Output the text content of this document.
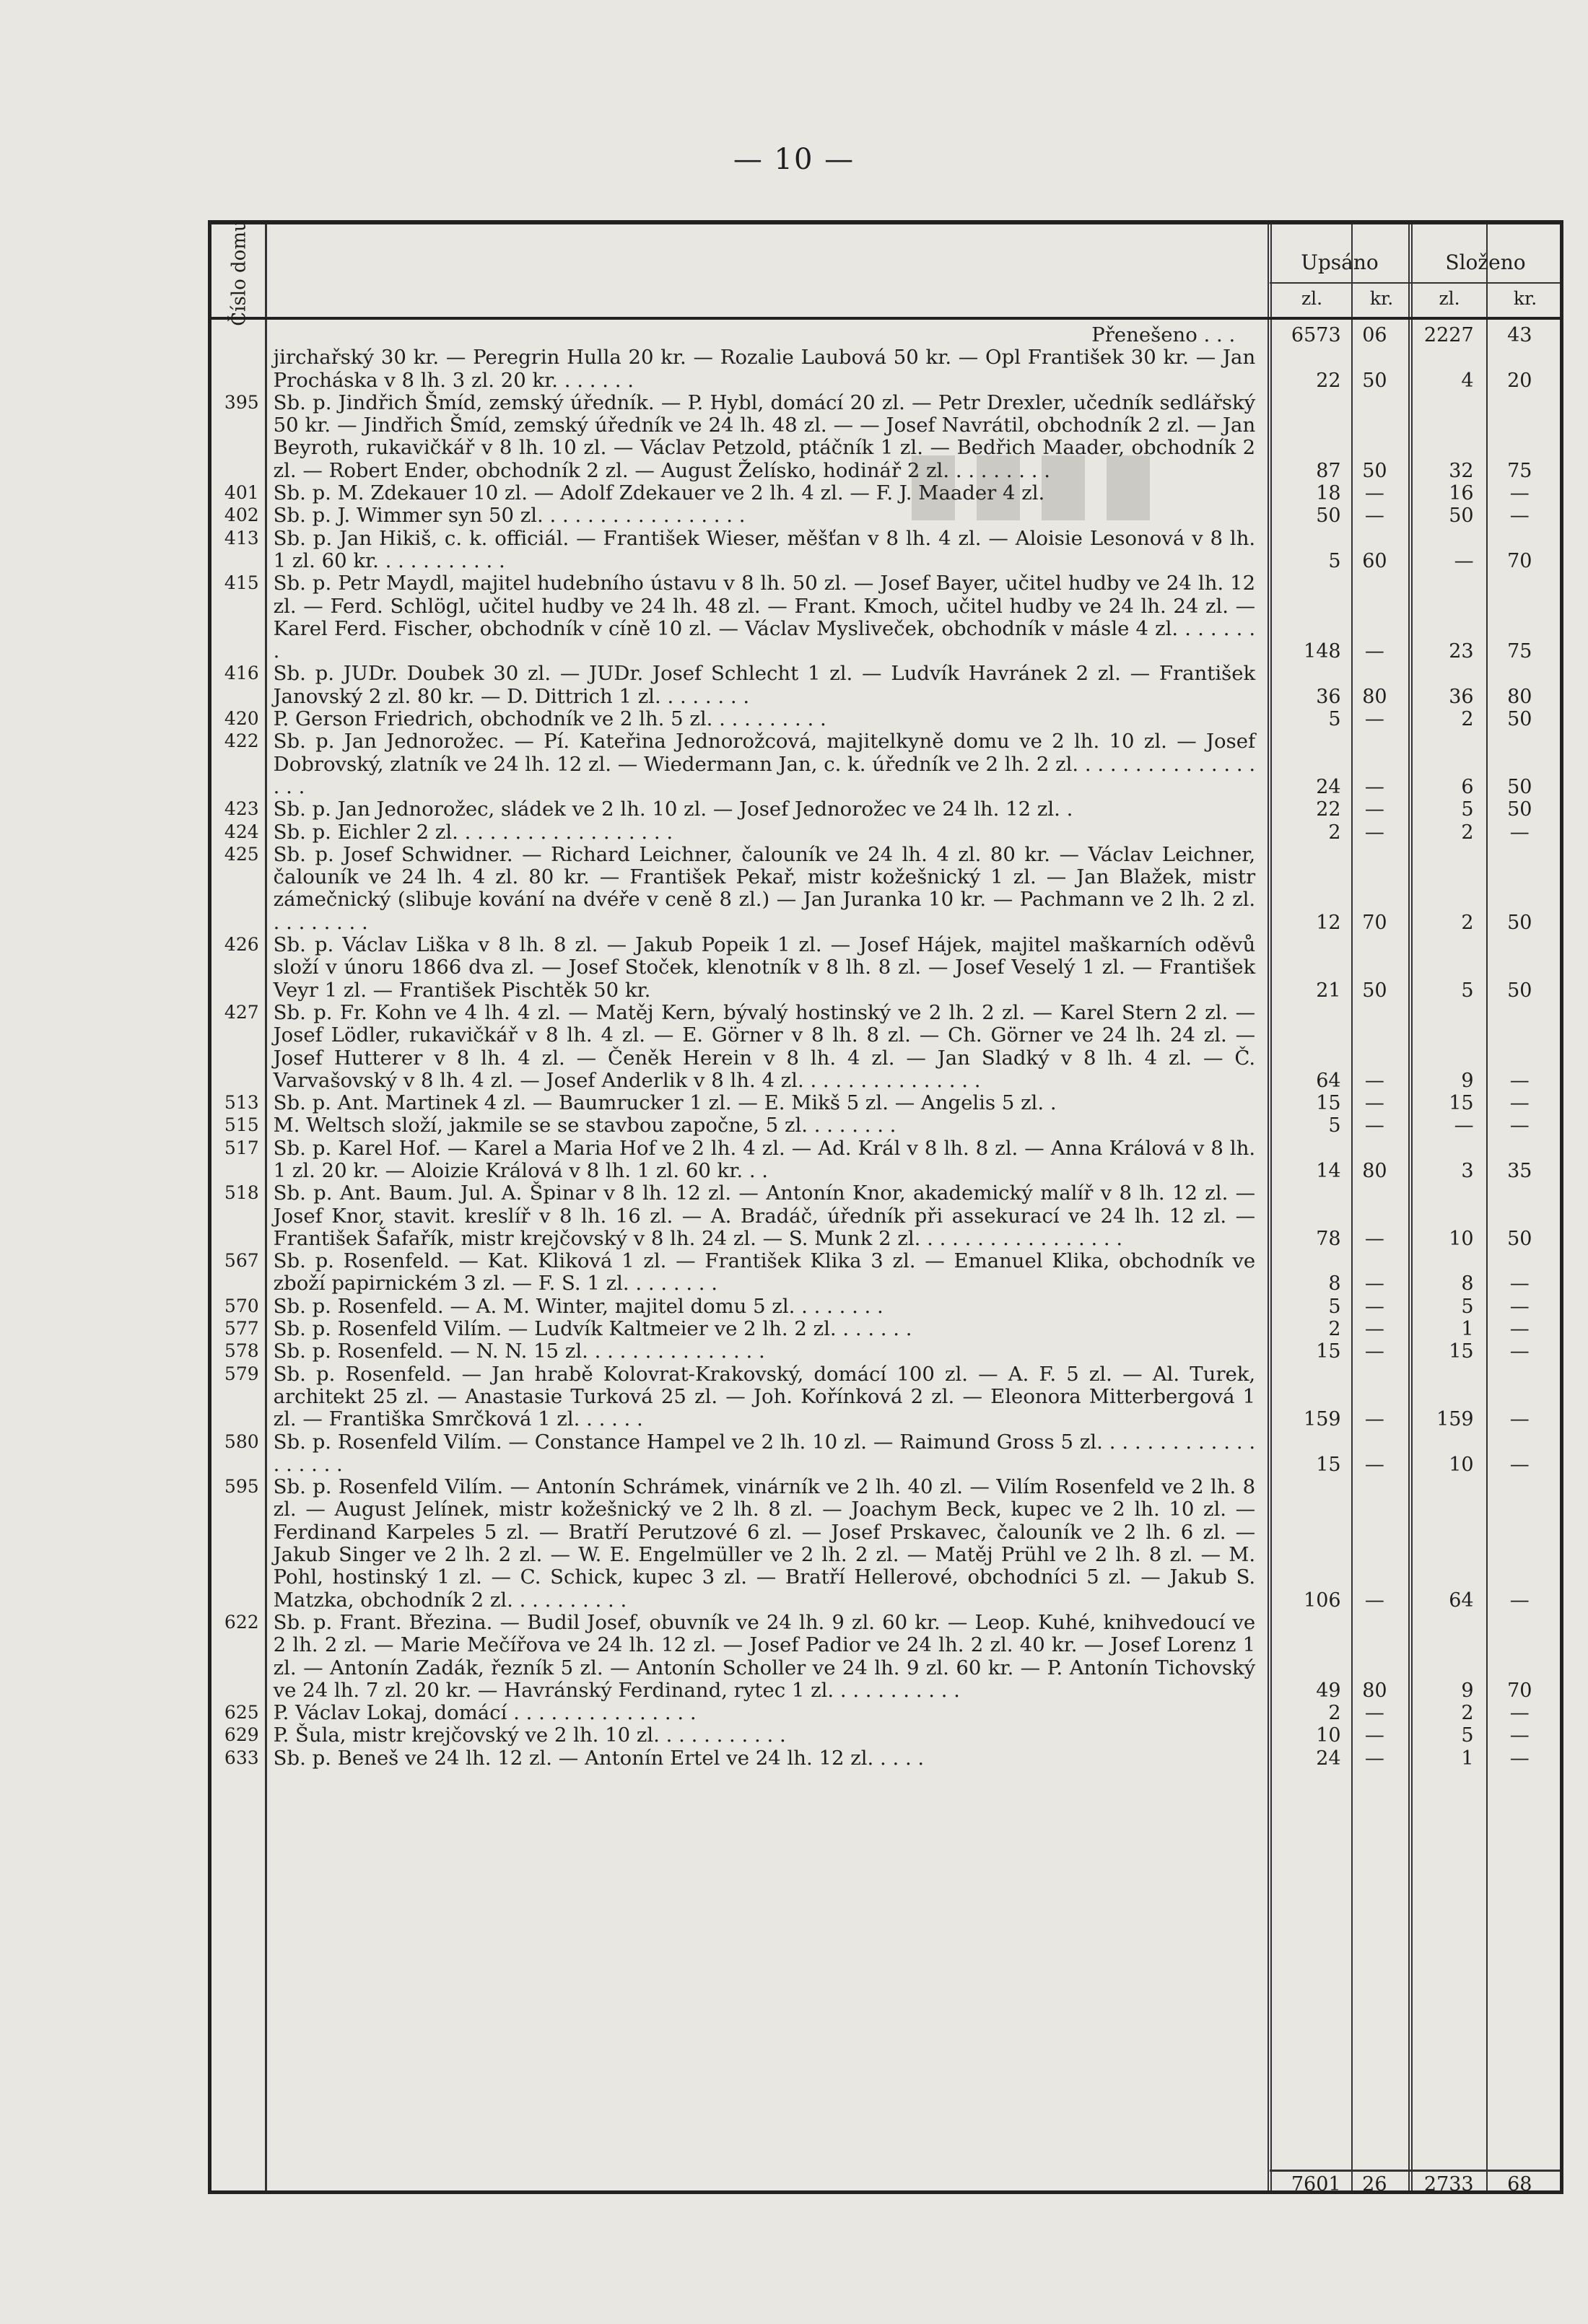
— 10 —
Číslo domu	Upsáno	Složeno
zl.	kr.	zl.	kr.
Přenešeno . . .	6573	06	2227	43
jirchařský 30 kr. — Peregrin Hulla 20 kr. — Rozalie Laubová 50 kr. — Opl František 30 kr. — Jan Procháska v 8 lh. 3 zl. 20 kr. . . . . . .	22	50	4	20
395 Sb. p. Jindřich Šmíd, zemský úředník. — P. Hybl, domácí 20 zl. — Petr Drexler, učedník sedlářský 50 kr. — Jindřich Šmíd, zemský úředník ve 24 lh. 48 zl. — — Josef Navrátil, obchodník 2 zl. — Jan Beyroth, rukavičkář v 8 lh. 10 zl. — Václav Petzold, ptáčník 1 zl. — Bedřich Maader, obchodník 2 zl. — Robert Ender, obchodník 2 zl. — August Želísko, hodinář 2 zl. . . . . . . . .	87	50	32	75
401 Sb. p. M. Zdekauer 10 zl. — Adolf Zdekauer ve 2 lh. 4 zl. — F. J. Maader 4 zl.	18	—	16	—
402 Sb. p. J. Wimmer syn 50 zl. . . . . . . . . . . . . . . . .	50	—	50	—
413 Sb. p. Jan Hikiš, c. k. officiál. — František Wieser, měšťan v 8 lh. 4 zl. — Aloisie Lesonová v 8 lh. 1 zl. 60 kr. . . . . . . . . . .	5	60	—	70
415 Sb. p. Petr Maydl, majitel hudebního ústavu v 8 lh. 50 zl. — Josef Bayer, učitel hudby ve 24 lh. 12 zl. — Ferd. Schlögl, učitel hudby ve 24 lh. 48 zl. — Frant. Kmoch, učitel hudby ve 24 lh. 24 zl. — Karel Ferd. Fischer, obchodník v cíně 10 zl. — Václav Mysliveček, obchodník v másle 4 zl. . . . . . . .	148	—	23	75
416 Sb. p. JUDr. Doubek 30 zl. — JUDr. Josef Schlecht 1 zl. — Ludvík Havránek 2 zl. — František Janovský 2 zl. 80 kr. — D. Dittrich 1 zl. . . . . . . .	36	80	36	80
420 P. Gerson Friedrich, obchodník ve 2 lh. 5 zl. . . . . . . . . .	5	—	2	50
422 Sb. p. Jan Jednorožec. — Pí. Kateřina Jednorožcová, majitelkyně domu ve 2 lh. 10 zl. — Josef Dobrovský, zlatník ve 24 lh. 12 zl. — Wiedermann Jan, c. k. úředník ve 2 lh. 2 zl. . . . . . . . . . . . . . . . . .	24	—	6	50
423 Sb. p. Jan Jednorožec, sládek ve 2 lh. 10 zl. — Josef Jednorožec ve 24 lh. 12 zl. .	22	—	5	50
424 Sb. p. Eichler 2 zl. . . . . . . . . . . . . . . . . .	2	—	2	—
425 Sb. p. Josef Schwidner. — Richard Leichner, čalouník ve 24 lh. 4 zl. 80 kr. — Václav Leichner, čalouník ve 24 lh. 4 zl. 80 kr. — František Pekař, mistr kožešnický 1 zl. — Jan Blažek, mistr zámečnický (slibuje kování na dvéře v ceně 8 zl.) — Jan Juranka 10 kr. — Pachmann ve 2 lh. 2 zl. . . . . . . . .	12	70	2	50
426 Sb. p. Václav Liška v 8 lh. 8 zl. — Jakub Popeik 1 zl. — Josef Hájek, majitel maškarních oděvů složí v únoru 1866 dva zl. — Josef Stoček, klenotník v 8 lh. 8 zl. — Josef Veselý 1 zl. — František Veyr 1 zl. — František Pischtěk 50 kr.	21	50	5	50
427 Sb. p. Fr. Kohn ve 4 lh. 4 zl. — Matěj Kern, bývalý hostinský ve 2 lh. 2 zl. — Karel Stern 2 zl. — Josef Lödler, rukavičkář v 8 lh. 4 zl. — E. Görner v 8 lh. 8 zl. — Ch. Görner ve 24 lh. 24 zl. — Josef Hutterer v 8 lh. 4 zl. — Čeněk Herein v 8 lh. 4 zl. — Jan Sladký v 8 lh. 4 zl. — Č. Varvašovský v 8 lh. 4 zl. — Josef Anderlik v 8 lh. 4 zl. . . . . . . . . . . . . . .	64	—	9	—
513 Sb. p. Ant. Martinek 4 zl. — Baumrucker 1 zl. — E. Mikš 5 zl. — Angelis 5 zl. .	15	—	15	—
515 M. Weltsch složí, jakmile se se stavbou započne, 5 zl. . . . . . . .	5	—	—	—
517 Sb. p. Karel Hof. — Karel a Maria Hof ve 2 lh. 4 zl. — Ad. Král v 8 lh. 8 zl. — Anna Králová v 8 lh. 1 zl. 20 kr. — Aloizie Králová v 8 lh. 1 zl. 60 kr. . .	14	80	3	35
518 Sb. p. Ant. Baum. Jul. A. Špinar v 8 lh. 12 zl. — Antonín Knor, akademický malíř v 8 lh. 12 zl. — Josef Knor, stavit. kreslíř v 8 lh. 16 zl. — A. Bradáč, úředník při assekurací ve 24 lh. 12 zl. — František Šafařík, mistr krejčovský v 8 lh. 24 zl. — S. Munk 2 zl. . . . . . . . . . . . . . . . .	78	—	10	50
567 Sb. p. Rosenfeld. — Kat. Kliková 1 zl. — František Klika 3 zl. — Emanuel Klika, obchodník ve zboží papirnickém 3 zl. — F. S. 1 zl. . . . . . . .	8	—	8	—
570 Sb. p. Rosenfeld. — A. M. Winter, majitel domu 5 zl. . . . . . . .	5	—	5	—
577 Sb. p. Rosenfeld Vilím. — Ludvík Kaltmeier ve 2 lh. 2 zl. . . . . . .	2	—	1	—
578 Sb. p. Rosenfeld. — N. N. 15 zl. . . . . . . . . . . . . . .	15	—	15	—
579 Sb. p. Rosenfeld. — Jan hrabě Kolovrat-Krakovský, domácí 100 zl. — A. F. 5 zl. — Al. Turek, architekt 25 zl. — Anastasie Turková 25 zl. — Joh. Kořínková 2 zl. — Eleonora Mitterbergová 1 zl. — Františka Smrčková 1 zl. . . . . .	159	—	159	—
580 Sb. p. Rosenfeld Vilím. — Constance Hampel ve 2 lh. 10 zl. — Raimund Gross 5 zl. . . . . . . . . . . . . . . . . . .	15	—	10	—
595 Sb. p. Rosenfeld Vilím. — Antonín Schrámek, vinárník ve 2 lh. 40 zl. — Vilím Rosenfeld ve 2 lh. 8 zl. — August Jelínek, mistr kožešnický ve 2 lh. 8 zl. — Joachym Beck, kupec ve 2 lh. 10 zl. — Ferdinand Karpeles 5 zl. — Bratří Perutzové 6 zl. — Josef Prskavec, čalouník ve 2 lh. 6 zl. — Jakub Singer ve 2 lh. 2 zl. — W. E. Engelmüller ve 2 lh. 2 zl. — Matěj Prühl ve 2 lh. 8 zl. — M. Pohl, hostinský 1 zl. — C. Schick, kupec 3 zl. — Bratří Hellerové, obchodníci 5 zl. — Jakub S. Matzka, obchodník 2 zl. . . . . . . . . .	106	—	64	—
622 Sb. p. Frant. Březina. — Budil Josef, obuvník ve 24 lh. 9 zl. 60 kr. — Leop. Kuhé, knihvedoucí ve 2 lh. 2 zl. — Marie Mečířova ve 24 lh. 12 zl. — Josef Padior ve 24 lh. 2 zl. 40 kr. — Josef Lorenz 1 zl. — Antonín Zadák, řezník 5 zl. — Antonín Scholler ve 24 lh. 9 zl. 60 kr. — P. Antonín Tichovský ve 24 lh. 7 zl. 20 kr. — Havránský Ferdinand, rytec 1 zl. . . . . . . . . . .	49	80	9	70
625 P. Václav Lokaj, domácí . . . . . . . . . . . . . . .	2	—	2	—
629 P. Šula, mistr krejčovský ve 2 lh. 10 zl. . . . . . . . . . .	10	—	5	—
633 Sb. p. Beneš ve 24 lh. 12 zl. — Antonín Ertel ve 24 lh. 12 zl. . . . .	24	—	1	—
7601	26	2733	68
